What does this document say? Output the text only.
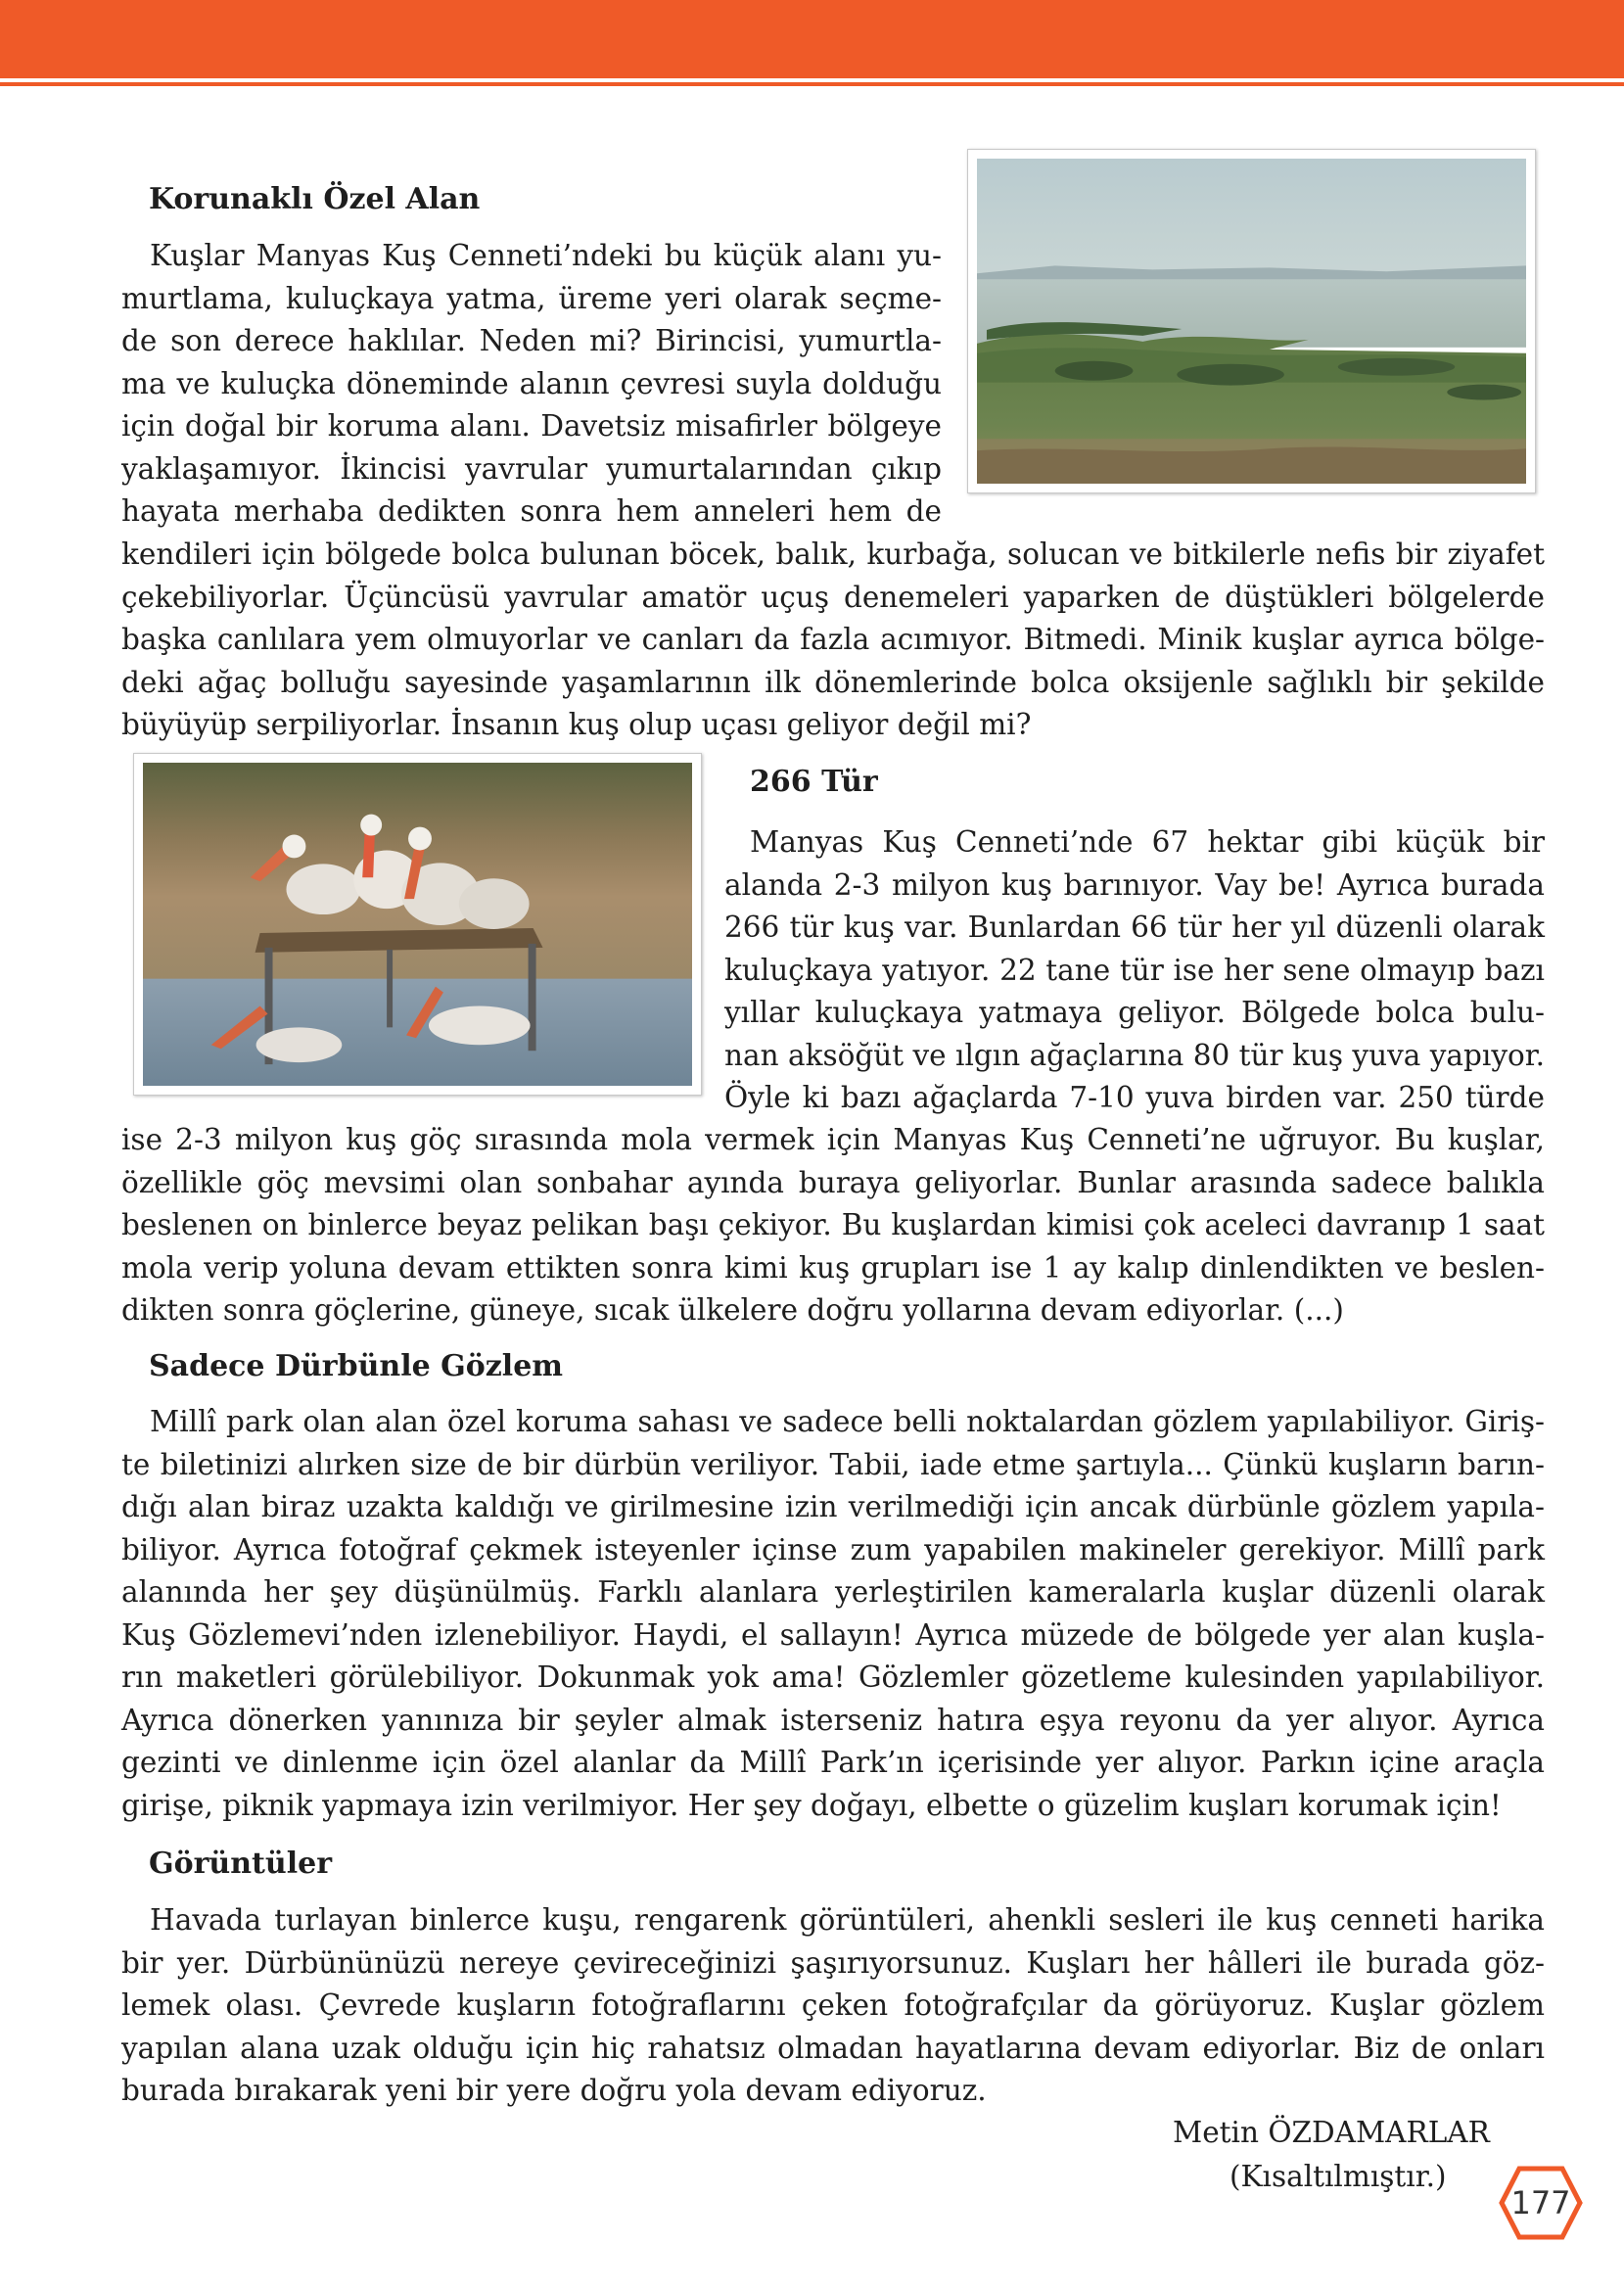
Korunaklı Özel Alan
Kuşlar Manyas Kuş Cenneti’ndeki bu küçük alanı yu-
murtlama, kuluçkaya yatma, üreme yeri olarak seçme-
de son derece haklılar. Neden mi? Birincisi, yumurtla-
ma ve kuluçka döneminde alanın çevresi suyla dolduğu
için doğal bir koruma alanı. Davetsiz misafirler bölgeye
yaklaşamıyor. İkincisi yavrular yumurtalarından çıkıp
hayata merhaba dedikten sonra hem anneleri hem de
kendileri için bölgede bolca bulunan böcek, balık, kurbağa, solucan ve bitkilerle nefis bir ziyafet
çekebiliyorlar. Üçüncüsü yavrular amatör uçuş denemeleri yaparken de düştükleri bölgelerde
başka canlılara yem olmuyorlar ve canları da fazla acımıyor. Bitmedi. Minik kuşlar ayrıca bölge-
deki ağaç bolluğu sayesinde yaşamlarının ilk dönemlerinde bolca oksijenle sağlıklı bir şekilde
büyüyüp serpiliyorlar. İnsanın kuş olup uçası geliyor değil mi?
266 Tür
Manyas Kuş Cenneti’nde 67 hektar gibi küçük bir
alanda 2-3 milyon kuş barınıyor. Vay be! Ayrıca burada
266 tür kuş var. Bunlardan 66 tür her yıl düzenli olarak
kuluçkaya yatıyor. 22 tane tür ise her sene olmayıp bazı
yıllar kuluçkaya yatmaya geliyor. Bölgede bolca bulu-
nan aksöğüt ve ılgın ağaçlarına 80 tür kuş yuva yapıyor.
Öyle ki bazı ağaçlarda 7-10 yuva birden var. 250 türde
ise 2-3 milyon kuş göç sırasında mola vermek için Manyas Kuş Cenneti’ne uğruyor. Bu kuşlar,
özellikle göç mevsimi olan sonbahar ayında buraya geliyorlar. Bunlar arasında sadece balıkla
beslenen on binlerce beyaz pelikan başı çekiyor. Bu kuşlardan kimisi çok aceleci davranıp 1 saat
mola verip yoluna devam ettikten sonra kimi kuş grupları ise 1 ay kalıp dinlendikten ve beslen-
dikten sonra göçlerine, güneye, sıcak ülkelere doğru yollarına devam ediyorlar. (...)
Sadece Dürbünle Gözlem
Millî park olan alan özel koruma sahası ve sadece belli noktalardan gözlem yapılabiliyor. Giriş-
te biletinizi alırken size de bir dürbün veriliyor. Tabii, iade etme şartıyla... Çünkü kuşların barın-
dığı alan biraz uzakta kaldığı ve girilmesine izin verilmediği için ancak dürbünle gözlem yapıla-
biliyor. Ayrıca fotoğraf çekmek isteyenler içinse zum yapabilen makineler gerekiyor. Millî park
alanında her şey düşünülmüş. Farklı alanlara yerleştirilen kameralarla kuşlar düzenli olarak
Kuş Gözlemevi’nden izlenebiliyor. Haydi, el sallayın! Ayrıca müzede de bölgede yer alan kuşla-
rın maketleri görülebiliyor. Dokunmak yok ama! Gözlemler gözetleme kulesinden yapılabiliyor.
Ayrıca dönerken yanınıza bir şeyler almak isterseniz hatıra eşya reyonu da yer alıyor. Ayrıca
gezinti ve dinlenme için özel alanlar da Millî Park’ın içerisinde yer alıyor. Parkın içine araçla
girişe, piknik yapmaya izin verilmiyor. Her şey doğayı, elbette o güzelim kuşları korumak için!
Görüntüler
Havada turlayan binlerce kuşu, rengarenk görüntüleri, ahenkli sesleri ile kuş cenneti harika
bir yer. Dürbününüzü nereye çevireceğinizi şaşırıyorsunuz. Kuşları her hâlleri ile burada göz-
lemek olası. Çevrede kuşların fotoğraflarını çeken fotoğrafçılar da görüyoruz. Kuşlar gözlem
yapılan alana uzak olduğu için hiç rahatsız olmadan hayatlarına devam ediyorlar. Biz de onları
burada bırakarak yeni bir yere doğru yola devam ediyoruz.
Metin ÖZDAMARLAR
(Kısaltılmıştır.)
177
